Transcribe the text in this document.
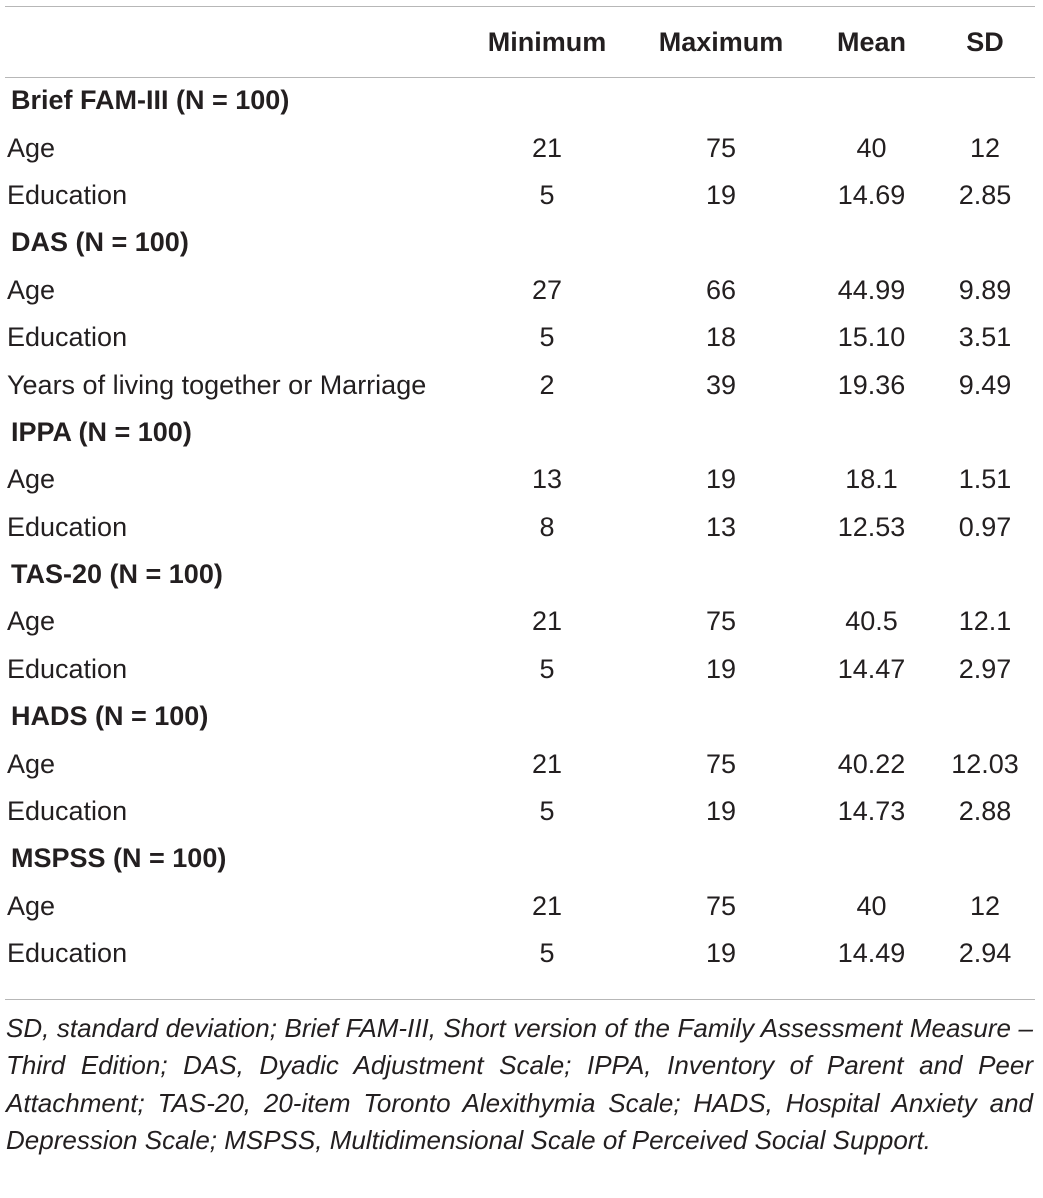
	Minimum	Maximum	Mean	SD
Brief FAM-III (N = 100)				
Age	21	75	40	12
Education	5	19	14.69	2.85
DAS (N = 100)				
Age	27	66	44.99	9.89
Education	5	18	15.10	3.51
Years of living together or Marriage	2	39	19.36	9.49
IPPA (N = 100)				
Age	13	19	18.1	1.51
Education	8	13	12.53	0.97
TAS-20 (N = 100)				
Age	21	75	40.5	12.1
Education	5	19	14.47	2.97
HADS (N = 100)				
Age	21	75	40.22	12.03
Education	5	19	14.73	2.88
MSPSS (N = 100)				
Age	21	75	40	12
Education	5	19	14.49	2.94
SD, standard deviation; Brief FAM-III, Short version of the Family Assessment Measure – Third Edition; DAS, Dyadic Adjustment Scale; IPPA, Inventory of Parent and Peer Attachment; TAS-20, 20-item Toronto Alexithymia Scale; HADS, Hospital Anxiety and Depression Scale; MSPSS, Multidimensional Scale of Perceived Social Support.
